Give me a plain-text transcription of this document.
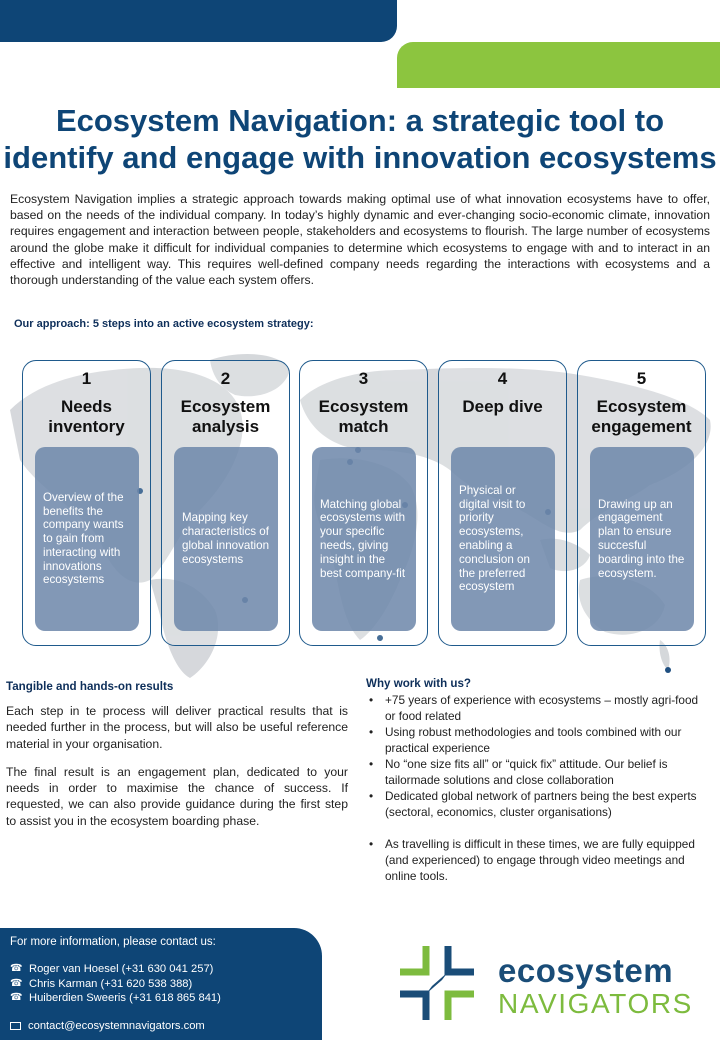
Ecosystem Navigation: a strategic tool to
identify and engage with innovation ecosystems

Ecosystem Navigation implies a strategic approach towards making optimal use of what innovation ecosystems have to offer, based on the needs of the individual company. In today’s highly dynamic and ever-changing socio-economic climate, innovation requires engagement and interaction between people, stakeholders and ecosystems to flourish. The large number of ecosystems around the globe make it difficult for individual companies to determine which ecosystems to engage with and to interact in an effective and intelligent way. This requires well-defined company needs regarding the interactions with ecosystems and a thorough understanding of the value each system offers.

Our approach: 5 steps into an active ecosystem strategy:
1
Needs inventory
Overview of the benefits the company wants to gain from interacting with innovations ecosystems
2
Ecosystem analysis
Mapping key characteristics of global innovation ecosystems
3
Ecosystem match
Matching global ecosystems with your specific needs, giving insight in the best company-fit
4
Deep dive
Physical or digital visit to priority ecosystems, enabling a conclusion on the preferred ecosystem
5
Ecosystem engagement
Drawing up an engagement plan to ensure succesful boarding into the ecosystem.
Tangible and hands-on results

Each step in te process will deliver practical results that is needed further in the process, but will also be useful reference material in your organisation.

The final result is an engagement plan, dedicated to your needs in order to maximise the chance of success. If requested, we can also provide guidance during the first step to assist you in the ecosystem boarding phase.

Why work with us?
• +75 years of experience with ecosystems – mostly agri-food or food related
• Using robust methodologies and tools combined with our practical experience
• No “one size fits all” or “quick fix” attitude. Our belief is tailormade solutions and close collaboration
• Dedicated global network of partners being the best experts (sectoral, economics, cluster organisations)
• As travelling is difficult in these times, we are fully equipped (and experienced) to engage through video meetings and online tools.
For more information, please contact us:
☎ Roger van Hoesel (+31 630 041 257)
☎ Chris Karman (+31 620 538 388)
☎ Huiberdien Sweeris (+31 618 865 841)
contact@ecosystemnavigators.com
ecosystem
NAVIGATORS
